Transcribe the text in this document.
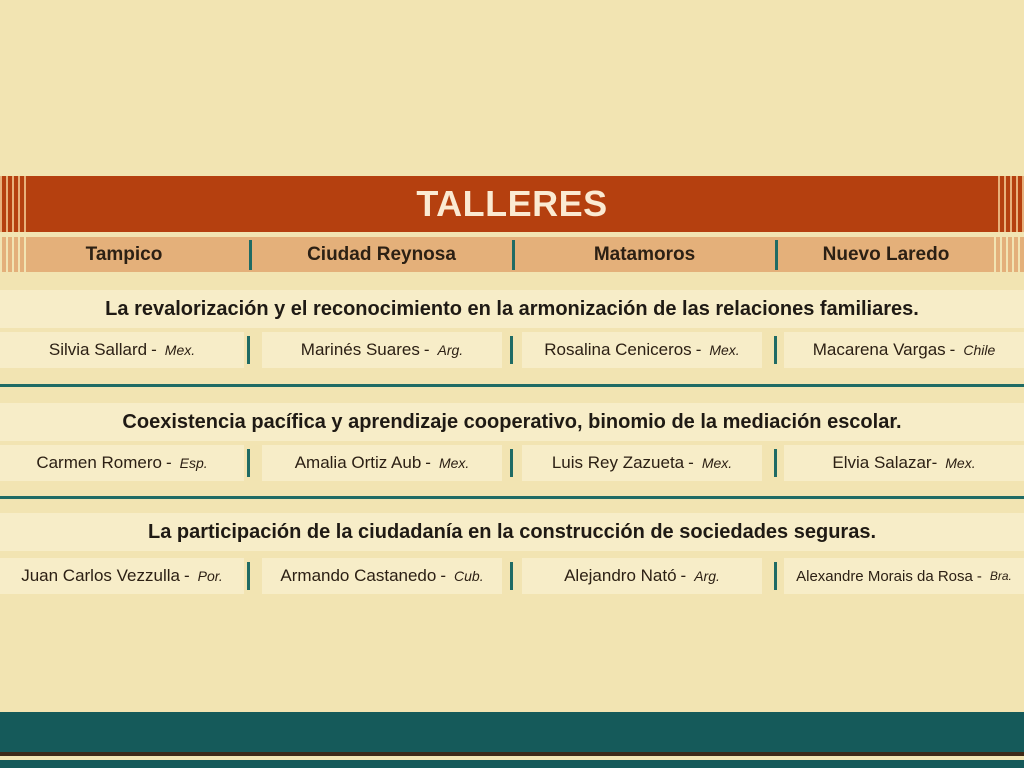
TALLERES
Tampico	Ciudad Reynosa	Matamoros	Nuevo Laredo
La revalorización y el reconocimiento en la armonización de las relaciones familiares.
Silvia Sallard - Mex.	Marinés Suares - Arg.	Rosalina Ceniceros - Mex.	Macarena Vargas - Chile
Coexistencia pacífica y aprendizaje cooperativo, binomio de la mediación escolar.
Carmen Romero - Esp.	Amalia Ortiz Aub - Mex.	Luis Rey Zazueta - Mex.	Elvia Salazar - Mex.
La participación de la ciudadanía en la construcción de sociedades seguras.
Juan Carlos Vezzulla - Por.	Armando Castanedo - Cub.	Alejandro Nató - Arg.	Alexandre Morais da Rosa - Bra.
